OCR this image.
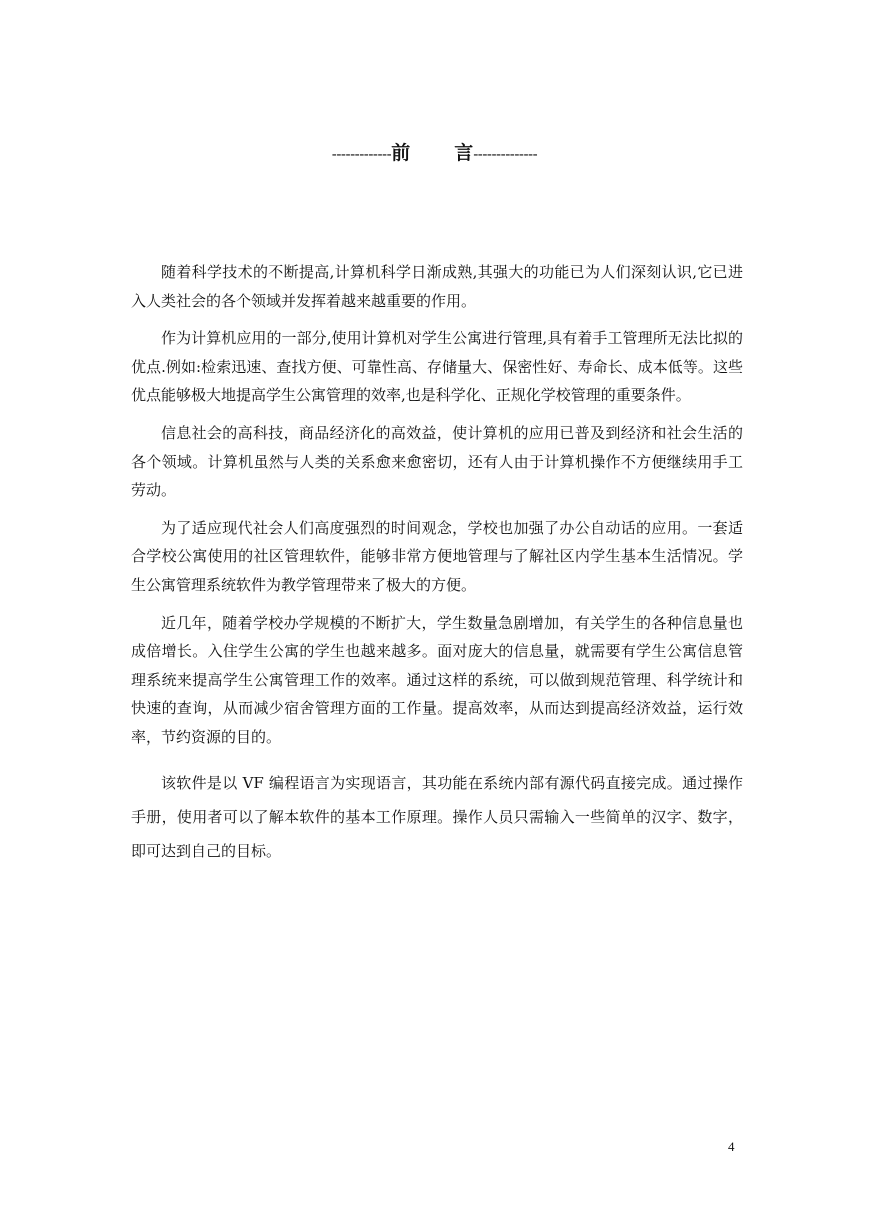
-------------前 言--------------

随着科学技术的不断提高,计算机科学日渐成熟,其强大的功能已为人们深刻认识,它已进入人类社会的各个领域并发挥着越来越重要的作用。

作为计算机应用的一部分,使用计算机对学生公寓进行管理,具有着手工管理所无法比拟的优点.例如:检索迅速、查找方便、可靠性高、存储量大、保密性好、寿命长、成本低等。这些优点能够极大地提高学生公寓管理的效率,也是科学化、正规化学校管理的重要条件。

信息社会的高科技，商品经济化的高效益，使计算机的应用已普及到经济和社会生活的各个领域。计算机虽然与人类的关系愈来愈密切，还有人由于计算机操作不方便继续用手工劳动。

为了适应现代社会人们高度强烈的时间观念，学校也加强了办公自动话的应用。一套适合学校公寓使用的社区管理软件，能够非常方便地管理与了解社区内学生基本生活情况。学生公寓管理系统软件为教学管理带来了极大的方便。

近几年，随着学校办学规模的不断扩大，学生数量急剧增加，有关学生的各种信息量也成倍增长。入住学生公寓的学生也越来越多。面对庞大的信息量，就需要有学生公寓信息管理系统来提高学生公寓管理工作的效率。通过这样的系统，可以做到规范管理、科学统计和快速的查询，从而减少宿舍管理方面的工作量。提高效率，从而达到提高经济效益，运行效率，节约资源的目的。

该软件是以 VF 编程语言为实现语言，其功能在系统内部有源代码直接完成。通过操作手册，使用者可以了解本软件的基本工作原理。操作人员只需输入一些简单的汉字、数字，即可达到自己的目标。

4
